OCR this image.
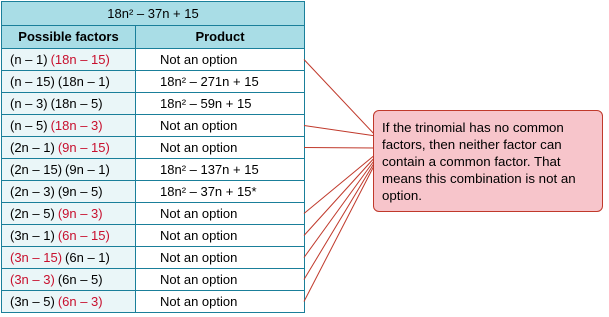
18n² – 37n + 15	
Possible factors	Product
(n – 1) (18n – 15)	Not an option
(n – 15) (18n – 1)	18n² – 271n + 15
(n – 3) (18n – 5)	18n² – 59n + 15
(n – 5) (18n – 3)	Not an option
(2n – 1) (9n – 15)	Not an option
(2n – 15) (9n – 1)	18n² – 137n + 15
(2n – 3) (9n – 5)	18n² – 37n + 15*
(2n – 5) (9n – 3)	Not an option
(3n – 1) (6n – 15)	Not an option
(3n – 15) (6n – 1)	Not an option
(3n – 3) (6n – 5)	Not an option
(3n – 5) (6n – 3)	Not an option
If the trinomial has no common factors, then neither factor can contain a common factor. That means this combination is not an option.
